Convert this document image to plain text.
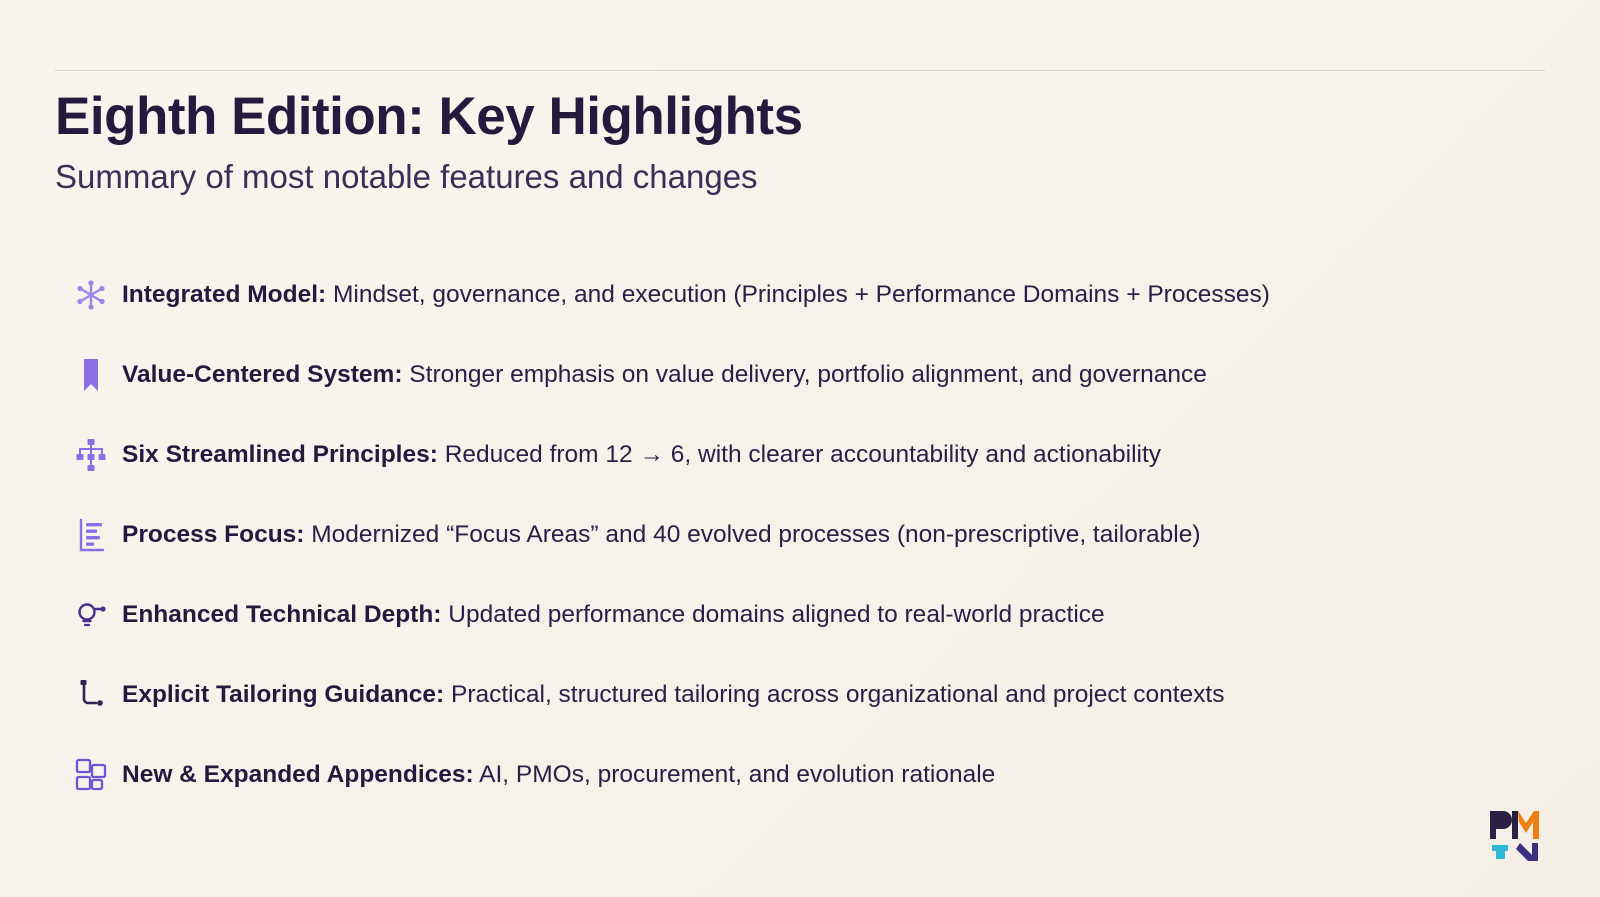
Eighth Edition: Key Highlights

Summary of most notable features and changes

Integrated Model: Mindset, governance, and execution (Principles + Performance Domains + Processes)
Value-Centered System: Stronger emphasis on value delivery, portfolio alignment, and governance
Six Streamlined Principles: Reduced from 12 → 6, with clearer accountability and actionability
Process Focus: Modernized “Focus Areas” and 40 evolved processes (non-prescriptive, tailorable)
Enhanced Technical Depth: Updated performance domains aligned to real-world practice
Explicit Tailoring Guidance: Practical, structured tailoring across organizational and project contexts
New & Expanded Appendices: AI, PMOs, procurement, and evolution rationale
